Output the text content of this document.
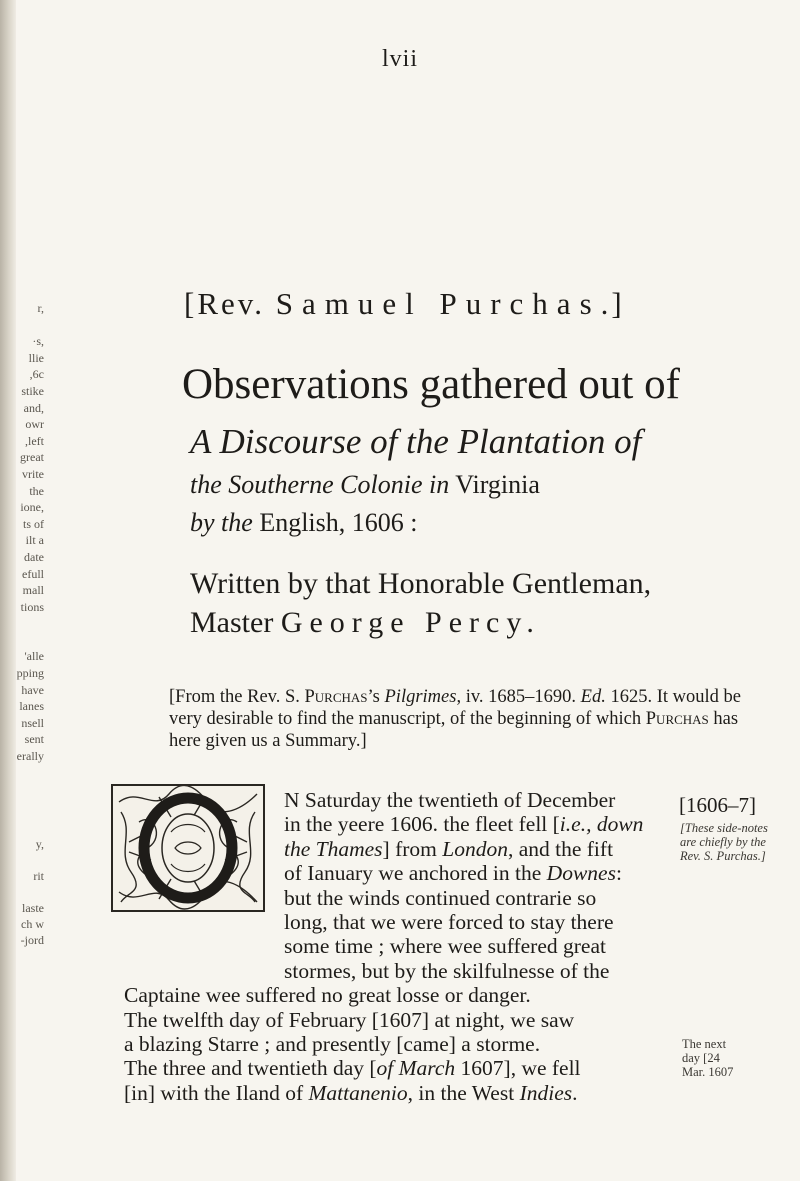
r,

·s,
llie
,6c
stike
and,
owr
,left
great
vrite
the
ione,
ts of
ilt a
date
efull
mall
tions

'alle
pping
have
lanes
nsell
sent
erally
y,

rit

laste
ch w
-jord
lvii
[Rev. Samuel Purchas.]
Observations gathered out of
A Discourse of the Plantation of
the Southerne Colonie in Virginia
by the English, 1606 :
Written by that Honorable Gentleman,
Master George Percy.
[From the Rev. S. Purchas’s Pilgrimes, iv. 1685–1690. Ed. 1625. It would be very desirable to find the manuscript, of the beginning of which Purchas has here given us a Summary.]
N Saturday the twentieth of December
in the yeere 1606. the fleet fell [i.e., down
the Thames] from London, and the fift
of Ianuary we anchored in the Downes:
but the winds continued contrarie so
long, that we were forced to stay there
some time ; where wee suffered great
stormes, but by the skilfulnesse of the
Captaine wee suffered no great losse or danger.
The twelfth day of February [1607] at night, we saw
a blazing Starre ; and presently [came] a storme.
The three and twentieth day [of March 1607], we fell
[in] with the Iland of Mattanenio, in the West Indies.
[1606–7]
[These side-notes are chiefly by the Rev. S. Purchas.]
The next
day [24
Mar. 1607
